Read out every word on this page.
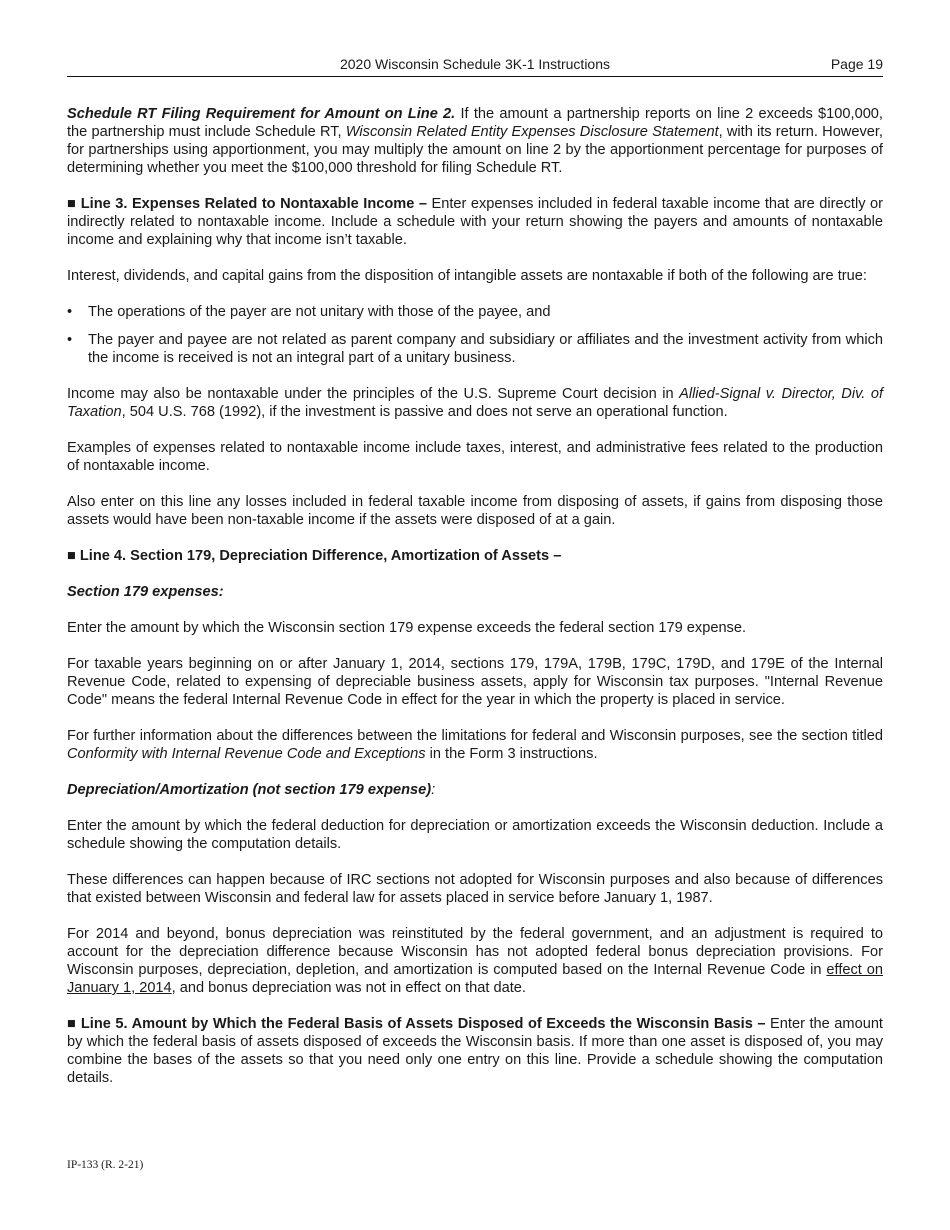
2020 Wisconsin Schedule 3K-1 Instructions	Page 19

Schedule RT Filing Requirement for Amount on Line 2. If the amount a partnership reports on line 2 exceeds $100,000, the partnership must include Schedule RT, Wisconsin Related Entity Expenses Disclosure Statement, with its return. However, for partnerships using apportionment, you may multiply the amount on line 2 by the apportionment percentage for purposes of determining whether you meet the $100,000 threshold for filing Schedule RT.

■ Line 3. Expenses Related to Nontaxable Income – Enter expenses included in federal taxable income that are directly or indirectly related to nontaxable income. Include a schedule with your return showing the payers and amounts of nontaxable income and explaining why that income isn’t taxable.

Interest, dividends, and capital gains from the disposition of intangible assets are nontaxable if both of the following are true:

• The operations of the payer are not unitary with those of the payee, and
• The payer and payee are not related as parent company and subsidiary or affiliates and the investment activity from which the income is received is not an integral part of a unitary business.

Income may also be nontaxable under the principles of the U.S. Supreme Court decision in Allied-Signal v. Director, Div. of Taxation, 504 U.S. 768 (1992), if the investment is passive and does not serve an operational function.

Examples of expenses related to nontaxable income include taxes, interest, and administrative fees related to the production of nontaxable income.

Also enter on this line any losses included in federal taxable income from disposing of assets, if gains from disposing those assets would have been non-taxable income if the assets were disposed of at a gain.

■ Line 4. Section 179, Depreciation Difference, Amortization of Assets –

Section 179 expenses:

Enter the amount by which the Wisconsin section 179 expense exceeds the federal section 179 expense.

For taxable years beginning on or after January 1, 2014, sections 179, 179A, 179B, 179C, 179D, and 179E of the Internal Revenue Code, related to expensing of depreciable business assets, apply for Wisconsin tax purposes. "Internal Revenue Code" means the federal Internal Revenue Code in effect for the year in which the property is placed in service.

For further information about the differences between the limitations for federal and Wisconsin purposes, see the section titled Conformity with Internal Revenue Code and Exceptions in the Form 3 instructions.

Depreciation/Amortization (not section 179 expense):

Enter the amount by which the federal deduction for depreciation or amortization exceeds the Wisconsin deduction. Include a schedule showing the computation details.

These differences can happen because of IRC sections not adopted for Wisconsin purposes and also because of differences that existed between Wisconsin and federal law for assets placed in service before January 1, 1987.

For 2014 and beyond, bonus depreciation was reinstituted by the federal government, and an adjustment is required to account for the depreciation difference because Wisconsin has not adopted federal bonus depreciation provisions. For Wisconsin purposes, depreciation, depletion, and amortization is computed based on the Internal Revenue Code in effect on January 1, 2014, and bonus depreciation was not in effect on that date.

■ Line 5. Amount by Which the Federal Basis of Assets Disposed of Exceeds the Wisconsin Basis – Enter the amount by which the federal basis of assets disposed of exceeds the Wisconsin basis. If more than one asset is disposed of, you may combine the bases of the assets so that you need only one entry on this line. Provide a schedule showing the computation details.

IP-133 (R. 2-21)
